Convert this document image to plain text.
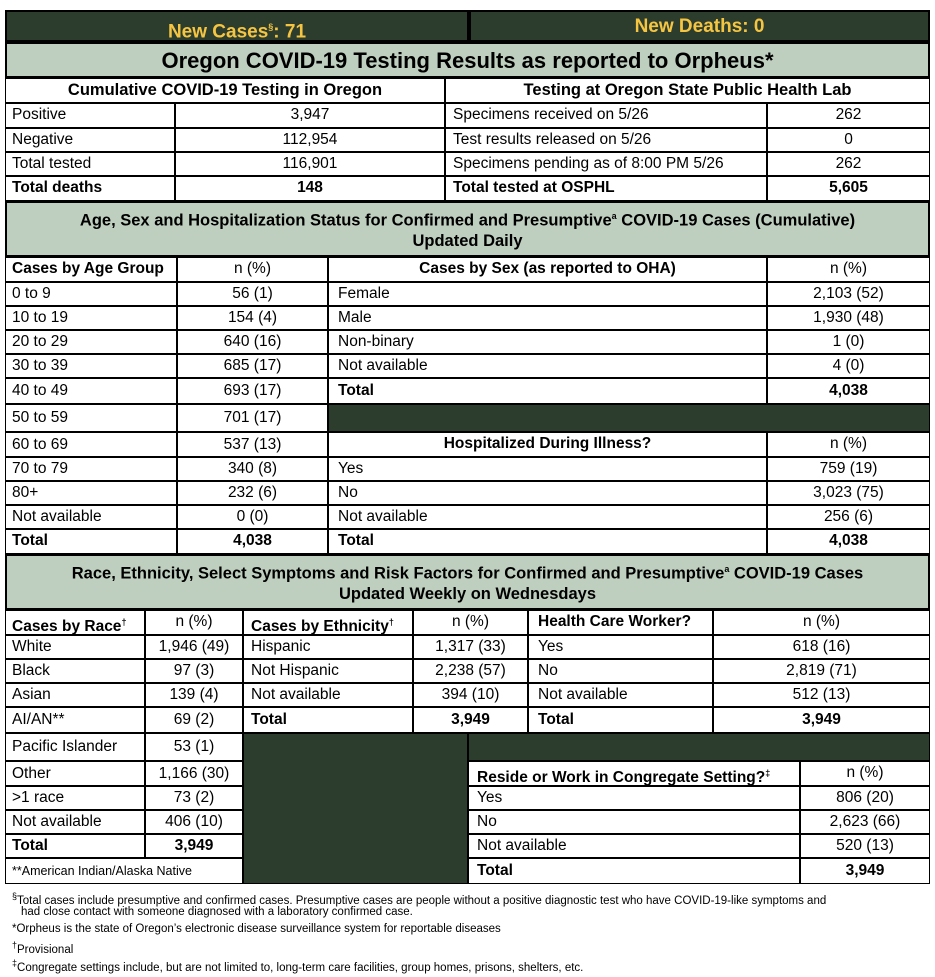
New Cases§: 71	New Deaths: 0
Oregon COVID-19 Testing Results as reported to Orpheus*
Cumulative COVID-19 Testing in Oregon	Testing at Oregon State Public Health Lab
Positive	3,947
Negative	112,954
Total tested	116,901
Total deaths	148
Specimens received on 5/26	262
Test results released on 5/26	0
Specimens pending as of 8:00 PM 5/26	262
Total tested at OSPHL	5,605
Age, Sex and Hospitalization Status for Confirmed and Presumptive$^a$ COVID-19 Cases (Cumulative)
Updated Daily
Cases by Age Group	n (%)
0 to 9	56 (1)
10 to 19	154 (4)
20 to 29	640 (16)
30 to 39	685 (17)
40 to 49	693 (17)
50 to 59	701 (17)
60 to 69	537 (13)
70 to 79	340 (8)
80+	232 (6)
Not available	0 (0)
Total	4,038
Cases by Sex (as reported to OHA)	n (%)
Female	2,103 (52)
Male	1,930 (48)
Non-binary	1 (0)
Not available	4 (0)
Total	4,038
Hospitalized During Illness?	n (%)
Yes	759 (19)
No	3,023 (75)
Not available	256 (6)
Total	4,038
Race, Ethnicity, Select Symptoms and Risk Factors for Confirmed and Presumptive$^a$ COVID-19 Cases
Updated Weekly on Wednesdays
Cases by Race†	n (%)
White	1,946 (49)
Black	97 (3)
Asian	139 (4)
AI/AN**	69 (2)
Pacific Islander	53 (1)
Other	1,166 (30)
>1 race	73 (2)
Not available	406 (10)
Total	3,949
**American Indian/Alaska Native
Cases by Ethnicity†	n (%)
Hispanic	1,317 (33)
Not Hispanic	2,238 (57)
Not available	394 (10)
Total	3,949
Health Care Worker?	n (%)
Yes	618 (16)
No	2,819 (71)
Not available	512 (13)
Total	3,949
Reside or Work in Congregate Setting?‡	n (%)
Yes	806 (20)
No	2,623 (66)
Not available	520 (13)
Total	3,949
§Total cases include presumptive and confirmed cases. Presumptive cases are people without a positive diagnostic test who have COVID-19-like symptoms and
had close contact with someone diagnosed with a laboratory confirmed case.
*Orpheus is the state of Oregon’s electronic disease surveillance system for reportable diseases
†Provisional
‡Congregate settings include, but are not limited to, long-term care facilities, group homes, prisons, shelters, etc.
